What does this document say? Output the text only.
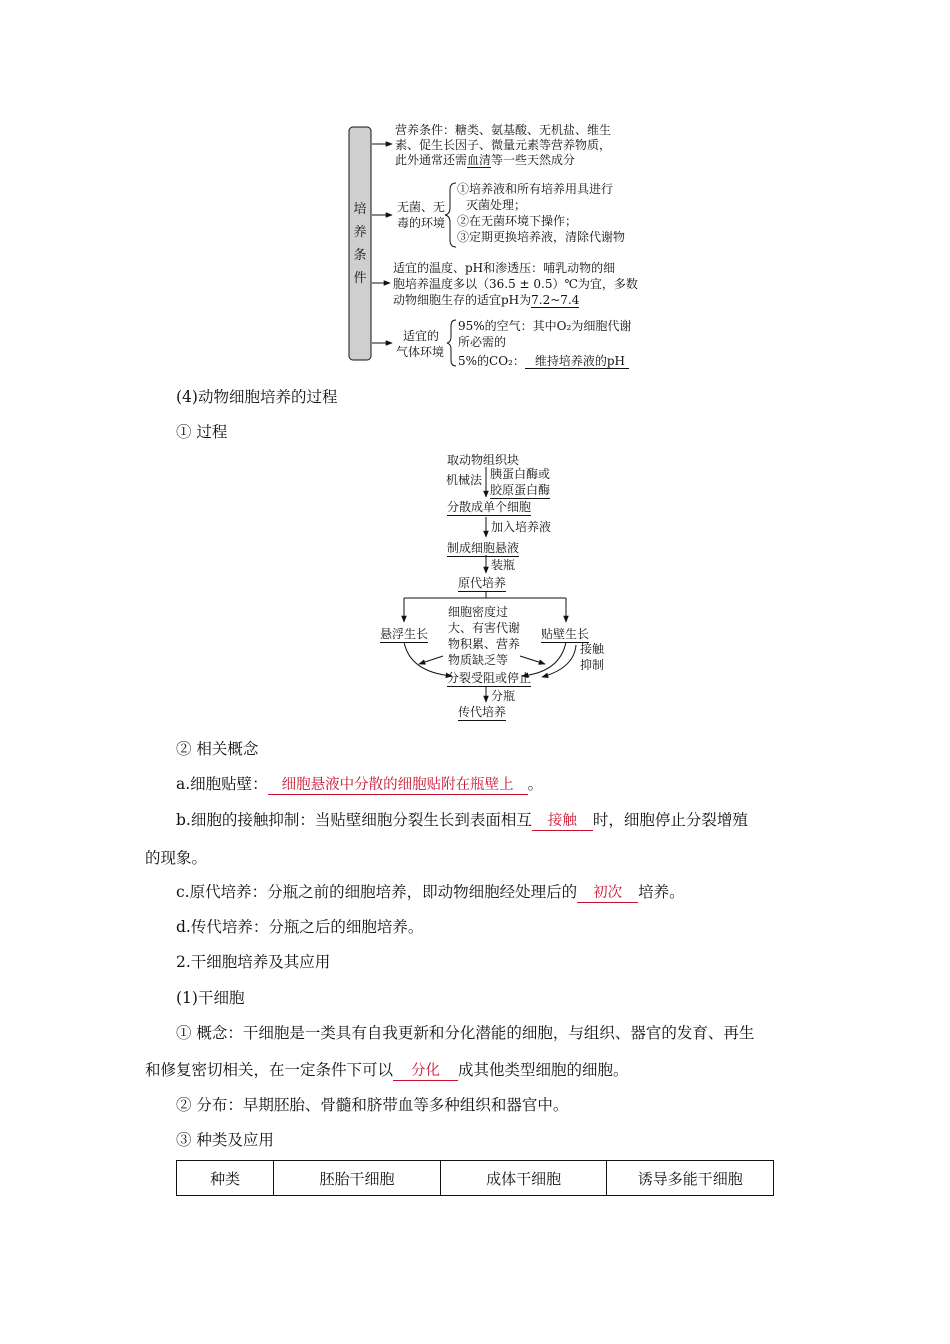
培养条件
营养条件：糖类、氨基酸、无机盐、维生
素、促生长因子、微量元素等营养物质，
此外通常还需血清等一些天然成分
无菌、无
毒的环境
①培养液和所有培养用具进行
灭菌处理；
②在无菌环境下操作；
③定期更换培养液，清除代谢物
适宜的温度、pH和渗透压：哺乳动物的细
胞培养温度多以（36.5 ± 0.5）℃为宜，多数
动物细胞生存的适宜pH为7.2~7.4
适宜的
气体环境
95%的空气：其中O₂为细胞代谢
所必需的
5%的CO₂： 维持培养液的pH
(4)动物细胞培养的过程
① 过程
取动物组织块
机械法 胰蛋白酶或
胶原蛋白酶
分散成单个细胞
加入培养液
制成细胞悬液
装瓶
原代培养
悬浮生长	贴壁生长
细胞密度过
大、有害代谢
物积累、营养
物质缺乏等
接触
抑制
分裂受阻或停止
分瓶
传代培养
② 相关概念
a.细胞贴壁： 细胞悬液中分散的细胞贴附在瓶壁上 。
b.细胞的接触抑制：当贴壁细胞分裂生长到表面相互 接触 时，细胞停止分裂增殖
的现象。
c.原代培养：分瓶之前的细胞培养，即动物细胞经处理后的 初次 培养。
d.传代培养：分瓶之后的细胞培养。
2.干细胞培养及其应用
(1)干细胞
① 概念：干细胞是一类具有自我更新和分化潜能的细胞，与组织、器官的发育、再生
和修复密切相关，在一定条件下可以 分化 成其他类型细胞的细胞。
② 分布：早期胚胎、骨髓和脐带血等多种组织和器官中。
③ 种类及应用
种类	胚胎干细胞	成体干细胞	诱导多能干细胞
